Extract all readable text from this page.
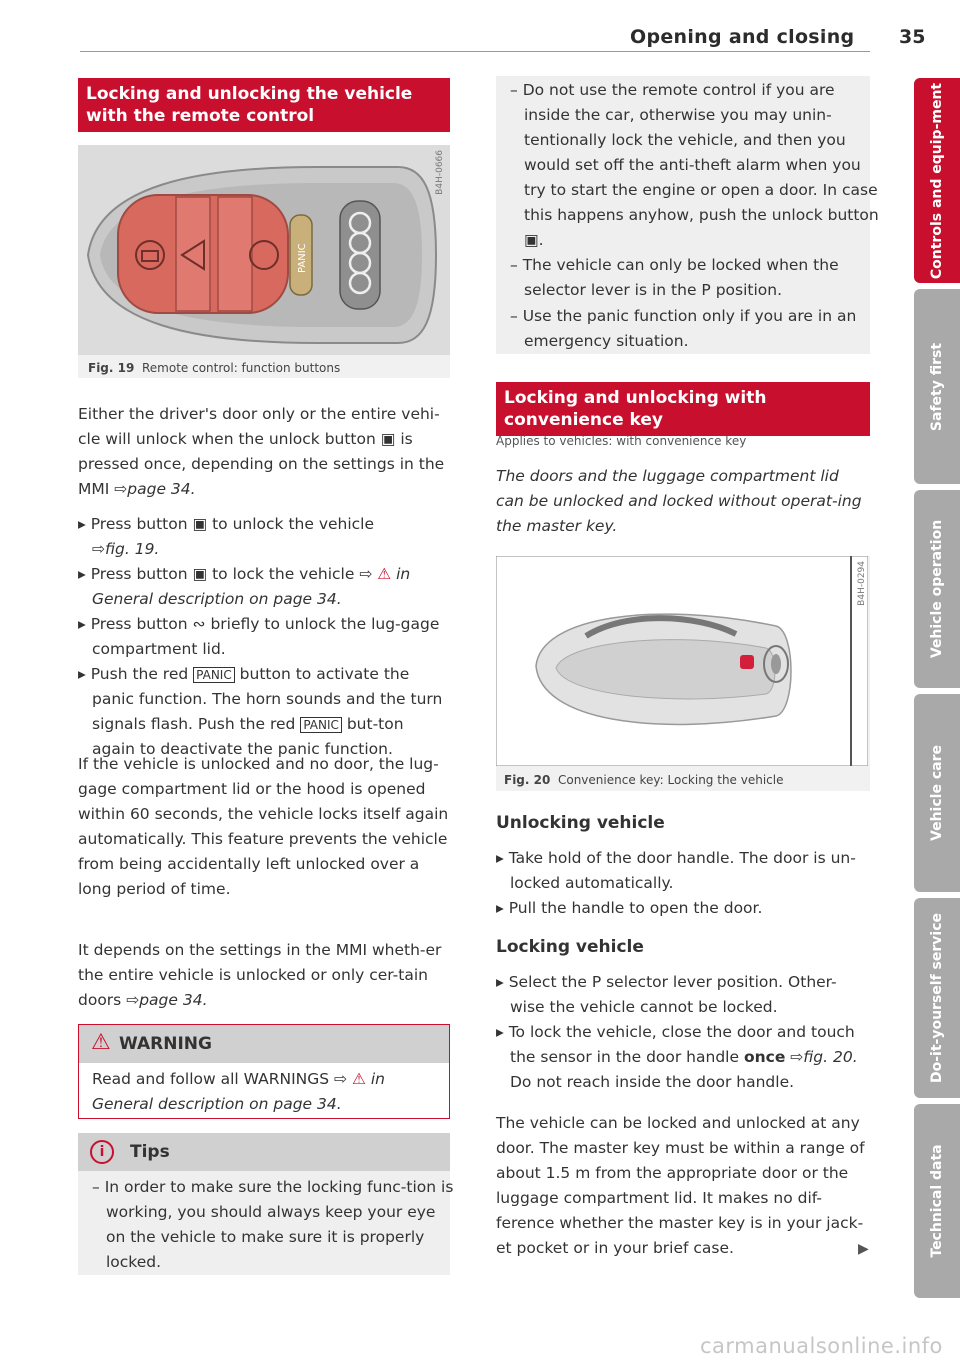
Opening and closing 35
Locking and unlocking the vehicle with the remote control
PANIC
B4H-0666
Fig. 19 Remote control: function buttons
Either the driver's door only or the entire vehi-cle will unlock when the unlock button ▣ is pressed once, depending on the settings in the MMI ⇨page 34.
▸ Press button ▣ to unlock the vehicle
⇨fig. 19.
▸ Press button ▣ to lock the vehicle ⇨ ⚠ in General description on page 34.
▸ Press button ∾ briefly to unlock the lug-gage compartment lid.
▸ Push the red PANIC button to activate the panic function. The horn sounds and the turn signals flash. Push the red PANIC but-ton again to deactivate the panic function.
If the vehicle is unlocked and no door, the lug-gage compartment lid or the hood is opened within 60 seconds, the vehicle locks itself again automatically. This feature prevents the vehicle from being accidentally left unlocked over a long period of time.
It depends on the settings in the MMI wheth-er the entire vehicle is unlocked or only cer-tain doors ⇨page 34.
⚠ WARNING
Read and follow all WARNINGS ⇨ ⚠ in General description on page 34.
i	Tips
– In order to make sure the locking func-tion is working, you should always keep your eye on the vehicle to make sure it is properly locked.
– Do not use the remote control if you are inside the car, otherwise you may unin-tentionally lock the vehicle, and then you would set off the anti-theft alarm when you try to start the engine or open a door. In case this happens anyhow, push the unlock button ▣.
– The vehicle can only be locked when the selector lever is in the P position.
– Use the panic function only if you are in an emergency situation.
Locking and unlocking with convenience key
Applies to vehicles: with convenience key
The doors and the luggage compartment lid can be unlocked and locked without operat-ing the master key.
B4H-0294
Fig. 20 Convenience key: Locking the vehicle
Unlocking vehicle
▸ Take hold of the door handle. The door is un-locked automatically.
▸ Pull the handle to open the door.
Locking vehicle
▸ Select the P selector lever position. Other-wise the vehicle cannot be locked.
▸ To lock the vehicle, close the door and touch the sensor in the door handle once ⇨fig. 20. Do not reach inside the door handle.
The vehicle can be locked and unlocked at any door. The master key must be within a range of about 1.5 m from the appropriate door or the luggage compartment lid. It makes no dif-ference whether the master key is in your jack-et pocket or in your brief case.	▶
Controls and equip-ment
Safety first
Vehicle operation
Vehicle care
Do-it-yourself service
Technical data
carmanualsonline.info
